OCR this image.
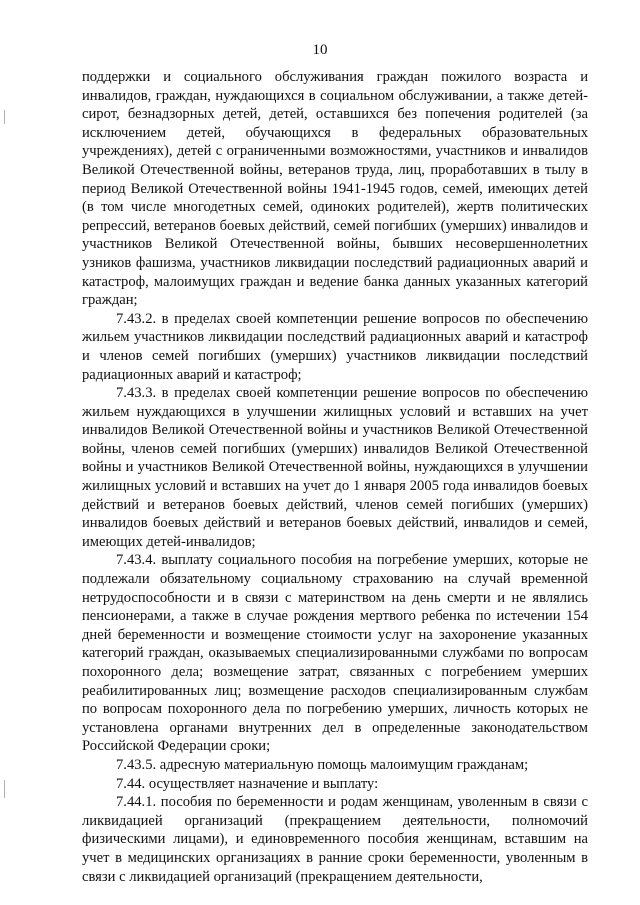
10

поддержки и социального обслуживания граждан пожилого возраста и инвалидов, граждан, нуждающихся в социальном обслуживании, а также детей-сирот, безнадзорных детей, детей, оставшихся без попечения родителей (за исключением детей, обучающихся в федеральных образовательных учреждениях), детей с ограниченными возможностями, участников и инвалидов Великой Отечественной войны, ветеранов труда, лиц, проработавших в тылу в период Великой Отечественной войны 1941-1945 годов, семей, имеющих детей (в том числе многодетных семей, одиноких родителей), жертв политических репрессий, ветеранов боевых действий, семей погибших (умерших) инвалидов и участников Великой Отечественной войны, бывших несовершеннолетних узников фашизма, участников ликвидации последствий радиационных аварий и катастроф, малоимущих граждан и ведение банка данных указанных категорий граждан;

7.43.2. в пределах своей компетенции решение вопросов по обеспечению жильем участников ликвидации последствий радиационных аварий и катастроф и членов семей погибших (умерших) участников ликвидации последствий радиационных аварий и катастроф;

7.43.3. в пределах своей компетенции решение вопросов по обеспечению жильем нуждающихся в улучшении жилищных условий и вставших на учет инвалидов Великой Отечественной войны и участников Великой Отечественной войны, членов семей погибших (умерших) инвалидов Великой Отечественной войны и участников Великой Отечественной войны, нуждающихся в улучшении жилищных условий и вставших на учет до 1 января 2005 года инвалидов боевых действий и ветеранов боевых действий, членов семей погибших (умерших) инвалидов боевых действий и ветеранов боевых действий, инвалидов и семей, имеющих детей-инвалидов;

7.43.4. выплату социального пособия на погребение умерших, которые не подлежали обязательному социальному страхованию на случай временной нетрудоспособности и в связи с материнством на день смерти и не являлись пенсионерами, а также в случае рождения мертвого ребенка по истечении 154 дней беременности и возмещение стоимости услуг на захоронение указанных категорий граждан, оказываемых специализированными службами по вопросам похоронного дела; возмещение затрат, связанных с погребением умерших реабилитированных лиц; возмещение расходов специализированным службам по вопросам похоронного дела по погребению умерших, личность которых не установлена органами внутренних дел в определенные законодательством Российской Федерации сроки;

7.43.5. адресную материальную помощь малоимущим гражданам;

7.44. осуществляет назначение и выплату:

7.44.1. пособия по беременности и родам женщинам, уволенным в связи с ликвидацией организаций (прекращением деятельности, полномочий физическими лицами), и единовременного пособия женщинам, вставшим на учет в медицинских организациях в ранние сроки беременности, уволенным в связи с ликвидацией организаций (прекращением деятельности,
